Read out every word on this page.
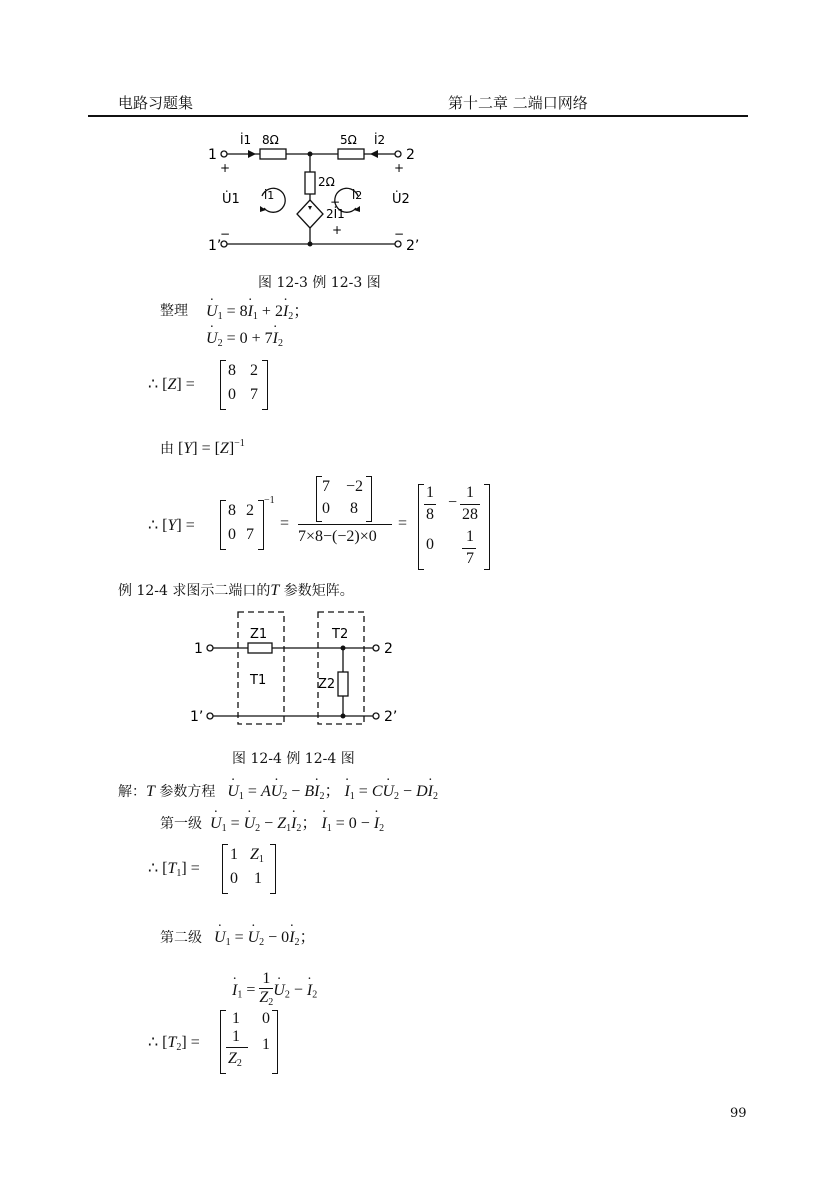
电路习题集	第十二章 二端口网络
1
1’
2
2’
8Ω	5Ω
2Ω
İ1	İ2
U̇1	U̇2
İ1	İ2
2İ1
+
−
+
−
−
+
图 12-3 例 12-3 图
整理
· $U_1 = 8\cdot I_1 + 2\cdot I_2$；
· $U_2 = 0 + 7\cdot I_2$
∴ [Z] =
8 2
0 7
由 $[Y] = [Z]^{-1}$
∴ [Y] =
8 2
0 7
−1
=
7 −2
0 8
7×8−(−2)×0
=
1
8
−
1
28
0 1
7
例 12-4 求图示二端口的T 参数矩阵。
1
1’
2
2’
Z1
T1
T2
Z2
图 12-4 例 12-4 图
解：T 参数方程   · $U_1 = A\cdot U_2 - B\cdot I_2$； · $I_1 = C\cdot U_2 - D\cdot I_2$
第一级  · $U_1$ = · $U_2 - Z_1\cdot I_2$； · $I_1 = 0$ − · $I_2$
∴ $[T_1]$ =
1 $Z_1$
0 1
第二级   · $U_1$ = · $U_2 - 0\cdot I_2$；
· $I_1 = \frac{1}{Z_2}$
· $U_2$ − · $I_2$
∴ $[T_2]$ =
1 0
1
$Z_2$
1
99
